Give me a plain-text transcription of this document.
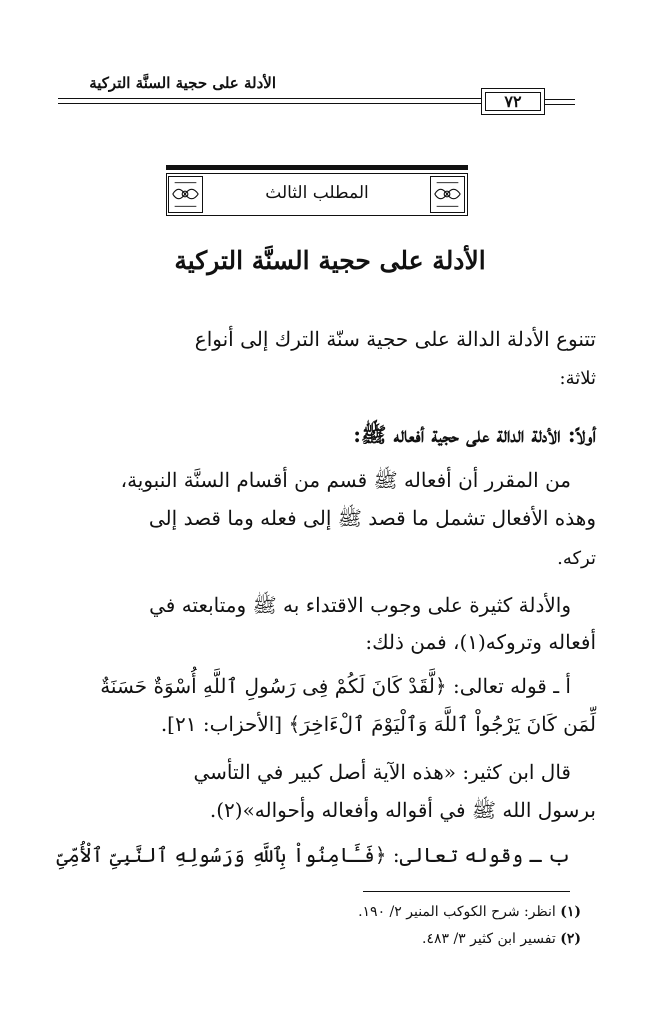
الأدلة على حجية السنَّة التركية
٧٢
المطلب الثالث
الأدلة على حجية السنَّة التركية
تتنوع الأدلة الدالة على حجية سنّة الترك إلى أنواع
ثلاثة:
أولاً: الأدلة الدالة على حجية أفعاله ﷺ:
من المقرر أن أفعاله ﷺ قسم من أقسام السنَّة النبوية،
وهذه الأفعال تشمل ما قصد ﷺ إلى فعله وما قصد إلى
تركه.
والأدلة كثيرة على وجوب الاقتداء به ﷺ ومتابعته في
أفعاله وتروكه(١)، فمن ذلك:
أ ـ قوله تعالى: ﴿لَّقَدْ كَانَ لَكُمْ فِى رَسُولِ ٱللَّهِ أُسْوَةٌ حَسَنَةٌ
لِّمَن كَانَ يَرْجُواْ ٱللَّهَ وَٱلْيَوْمَ ٱلْءَاخِرَ﴾ [الأحزاب: ٢١].
قال ابن كثير: «هذه الآية أصل كبير في التأسي
برسول الله ﷺ في أقواله وأفعاله وأحواله»(٢).
ب ـ وقوله تعالى: ﴿فَـَٔامِنُواْ بِٱللَّهِ وَرَسُولِهِ ٱلنَّبِىِّ ٱلْأُمِّىِّ
(١) انظر: شرح الكوكب المنير ٢/ ١٩٠.
(٢) تفسير ابن كثير ٣/ ٤٨٣.
